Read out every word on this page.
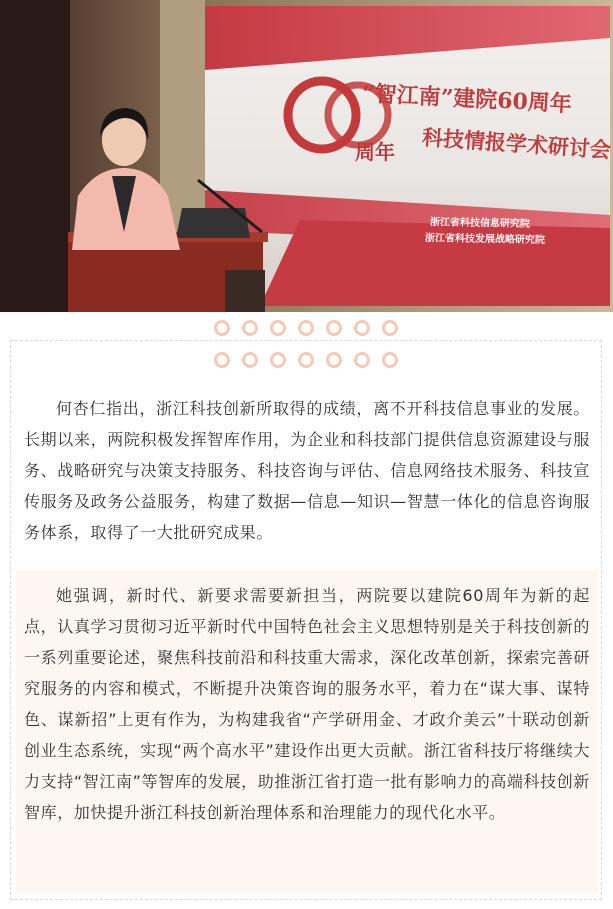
“智江南”建院60周年
科技情报学术研讨会
周年
浙江省科技信息研究院
浙江省科技发展战略研究院

何杏仁指出，浙江科技创新所取得的成绩，离不开科技信息事业的发展。长期以来，两院积极发挥智库作用，为企业和科技部门提供信息资源建设与服务、战略研究与决策支持服务、科技咨询与评估、信息网络技术服务、科技宣传服务及政务公益服务，构建了数据—信息—知识—智慧一体化的信息咨询服务体系，取得了一大批研究成果。

她强调，新时代、新要求需要新担当，两院要以建院60周年为新的起点，认真学习贯彻习近平新时代中国特色社会主义思想特别是关于科技创新的一系列重要论述，聚焦科技前沿和科技重大需求，深化改革创新，探索完善研究服务的内容和模式，不断提升决策咨询的服务水平，着力在“谋大事、谋特色、谋新招”上更有作为，为构建我省“产学研用金、才政介美云”十联动创新创业生态系统，实现“两个高水平”建设作出更大贡献。浙江省科技厅将继续大力支持“智江南”等智库的发展，助推浙江省打造一批有影响力的高端科技创新智库，加快提升浙江科技创新治理体系和治理能力的现代化水平。
